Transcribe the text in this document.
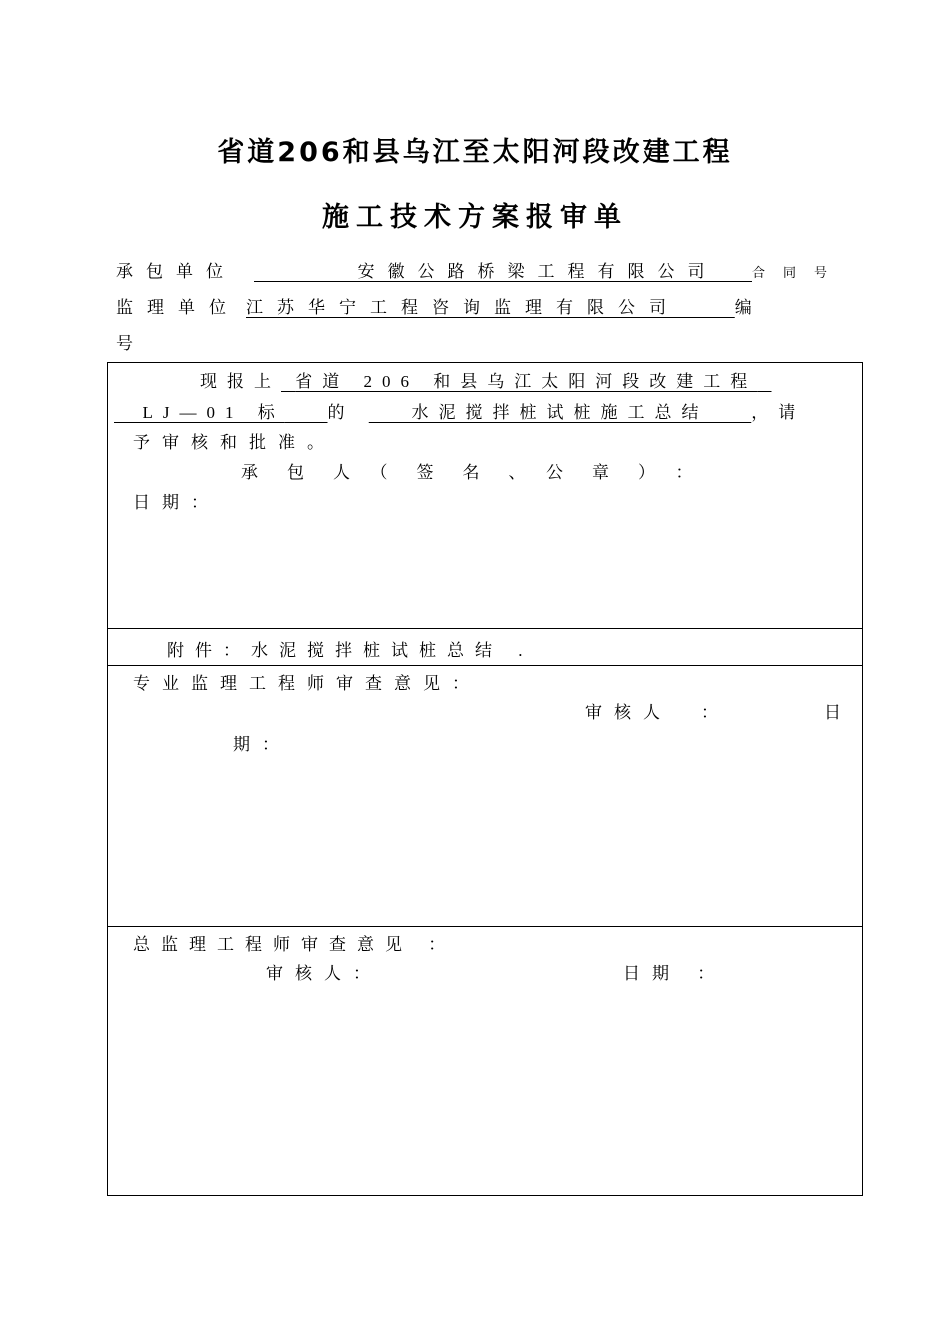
省道206和县乌江至太阳河段改建工程
施工技术方案报审单
承包单位	安徽公路桥梁工程有限公司	合同号
监理单位 江苏华宁工程咨询监理有限公司	编
号
现报上 省道 206 和县乌江太阳河段改建工程
LJ—01 标	的	水泥搅拌桩试桩施工总结	，请
予审核和批准。
承　包　人　（　签　名　、　公　章　）　：
日期：
附件：水泥搅拌桩试桩总结 .
专业监理工程师审查意见：
审核人　：	日
期：
总监理工程师审查意见 ：
审核人：	日期 ：
